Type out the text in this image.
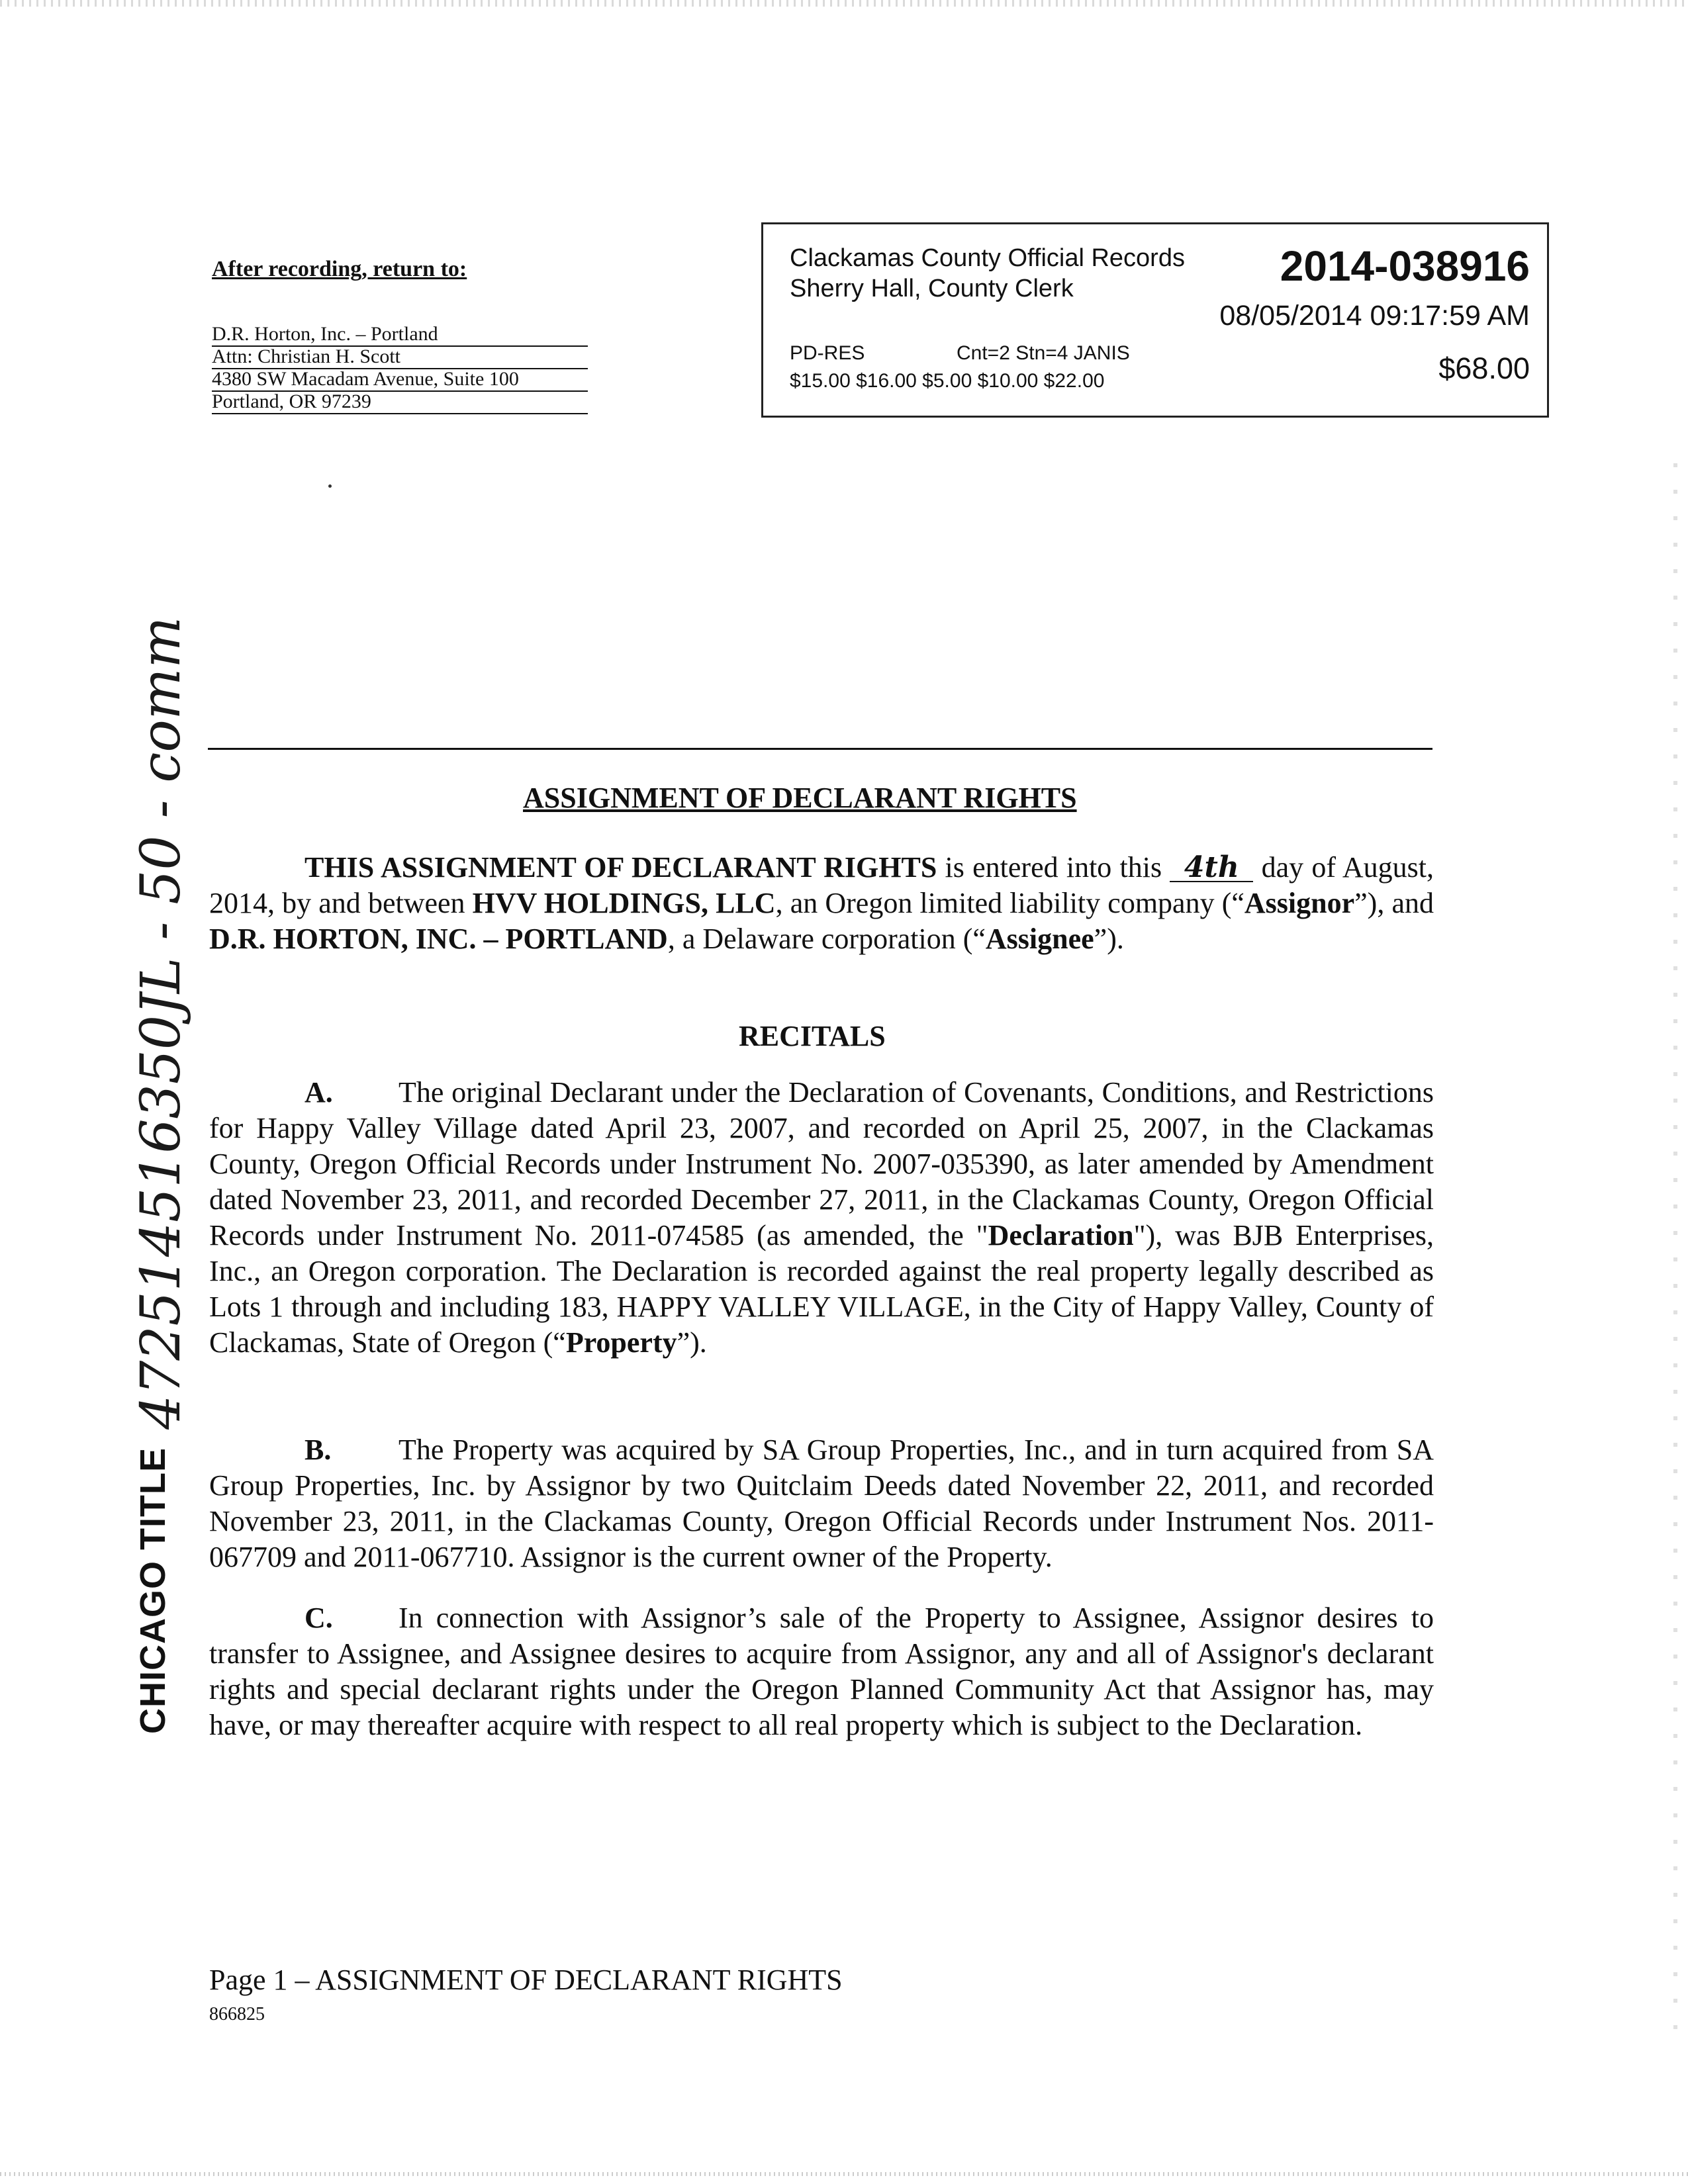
After recording, return to:
D.R. Horton, Inc. – Portland
Attn: Christian H. Scott
4380 SW Macadam Avenue, Suite 100
Portland, OR 97239
Clackamas County Official Records
Sherry Hall, County Clerk	2014-038916
08/05/2014 09:17:59 AM
PD-RES	Cnt=2 Stn=4 JANIS
$15.00 $16.00 $5.00 $10.00 $22.00	$68.00
CHICAGO TITLE
472514516350JL - 50 - comm	ASSIGNMENT OF DECLARANT RIGHTS
THIS ASSIGNMENT OF DECLARANT RIGHTS is entered into this 4th day of August, 2014, by and between HVV HOLDINGS, LLC, an Oregon limited liability company (“Assignor”), and D.R. HORTON, INC. – PORTLAND, a Delaware corporation (“Assignee”).
RECITALS
A. The original Declarant under the Declaration of Covenants, Conditions, and Restrictions for Happy Valley Village dated April 23, 2007, and recorded on April 25, 2007, in the Clackamas County, Oregon Official Records under Instrument No. 2007-035390, as later amended by Amendment dated November 23, 2011, and recorded December 27, 2011, in the Clackamas County, Oregon Official Records under Instrument No. 2011-074585 (as amended, the "Declaration"), was BJB Enterprises, Inc., an Oregon corporation. The Declaration is recorded against the real property legally described as Lots 1 through and including 183, HAPPY VALLEY VILLAGE, in the City of Happy Valley, County of Clackamas, State of Oregon (“Property”).
B. The Property was acquired by SA Group Properties, Inc., and in turn acquired from SA Group Properties, Inc. by Assignor by two Quitclaim Deeds dated November 22, 2011, and recorded November 23, 2011, in the Clackamas County, Oregon Official Records under Instrument Nos. 2011-067709 and 2011-067710. Assignor is the current owner of the Property.
C. In connection with Assignor’s sale of the Property to Assignee, Assignor desires to transfer to Assignee, and Assignee desires to acquire from Assignor, any and all of Assignor's declarant rights and special declarant rights under the Oregon Planned Community Act that Assignor has, may have, or may thereafter acquire with respect to all real property which is subject to the Declaration.
Page 1 – ASSIGNMENT OF DECLARANT RIGHTS
866825
